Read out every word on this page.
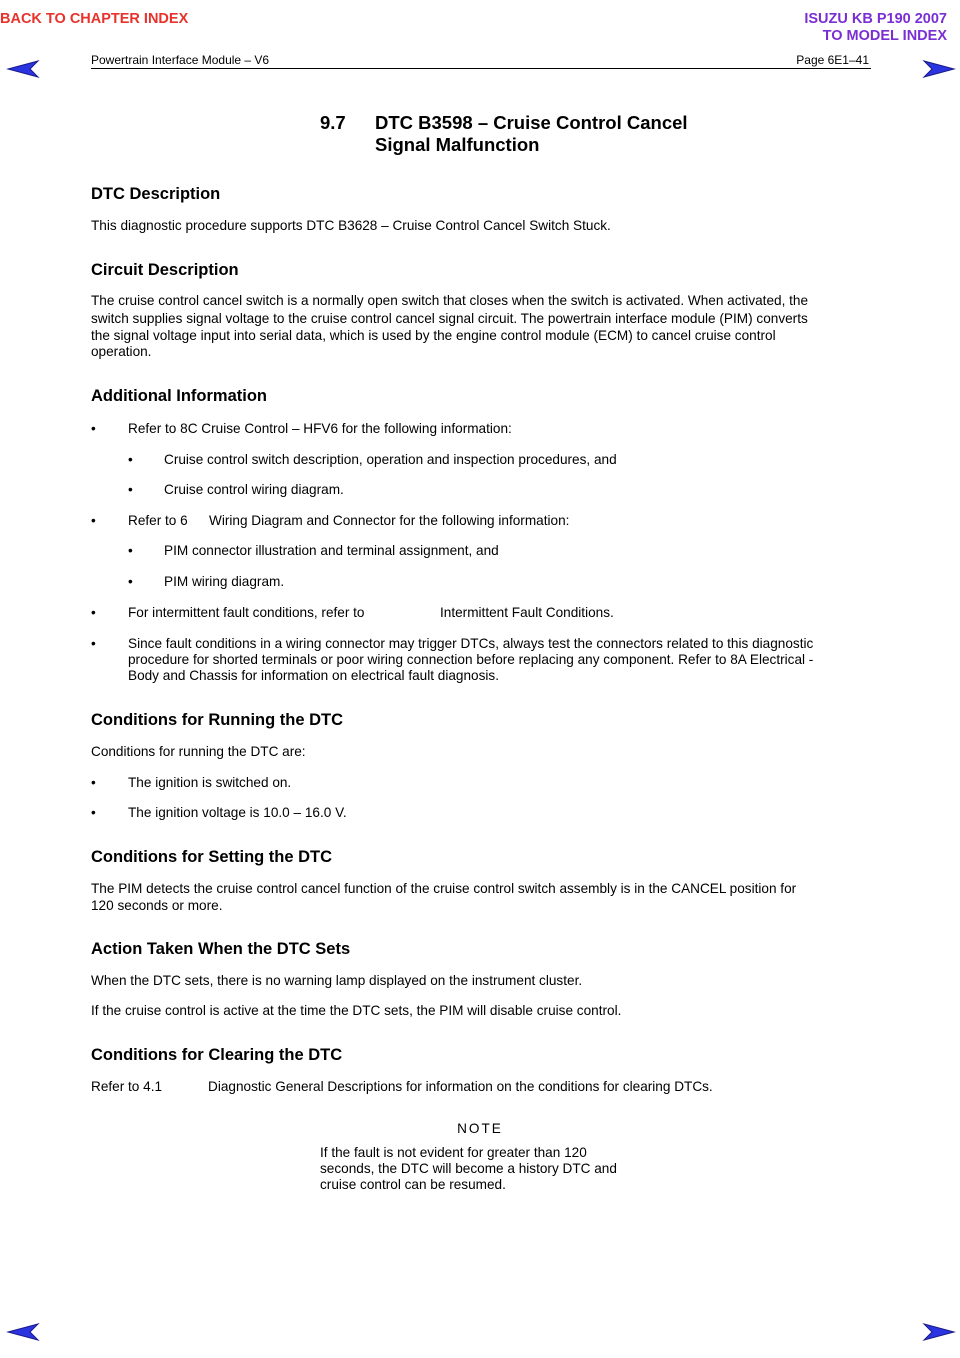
BACK TO CHAPTER INDEX	ISUZU KB P190 2007
TO MODEL INDEX
Powertrain Interface Module – V6	Page 6E1–41
9.7 DTC B3598 – Cruise Control Cancel
Signal Malfunction
DTC Description

This diagnostic procedure supports DTC B3628 – Cruise Control Cancel Switch Stuck.

Circuit Description

The cruise control cancel switch is a normally open switch that closes when the switch is activated. When activated, the

switch supplies signal voltage to the cruise control cancel signal circuit. The powertrain interface module (PIM) converts

the signal voltage input into serial data, which is used by the engine control module (ECM) to cancel cruise control

operation.

Additional Information
• Refer to 8C Cruise Control – HFV6 for the following information:
• Cruise control switch description, operation and inspection procedures, and
• Cruise control wiring diagram.
• Refer to 6 Wiring Diagram and Connector for the following information:
• PIM connector illustration and terminal assignment, and
• PIM wiring diagram.
• For intermittent fault conditions, refer to	Intermittent Fault Conditions.
• Since fault conditions in a wiring connector may trigger DTCs, always test the connectors related to this diagnostic
procedure for shorted terminals or poor wiring connection before replacing any component. Refer to 8A Electrical -
Body and Chassis for information on electrical fault diagnosis.
Conditions for Running the DTC

Conditions for running the DTC are:

• The ignition is switched on.
• The ignition voltage is 10.0 – 16.0 V.
Conditions for Setting the DTC

The PIM detects the cruise control cancel function of the cruise control switch assembly is in the CANCEL position for

120 seconds or more.

Action Taken When the DTC Sets

When the DTC sets, there is no warning lamp displayed on the instrument cluster.

If the cruise control is active at the time the DTC sets, the PIM will disable cruise control.

Conditions for Clearing the DTC

Refer to 4.1	Diagnostic General Descriptions for information on the conditions for clearing DTCs.

NOTE
If the fault is not evident for greater than 120
seconds, the DTC will become a history DTC and
cruise control can be resumed.
